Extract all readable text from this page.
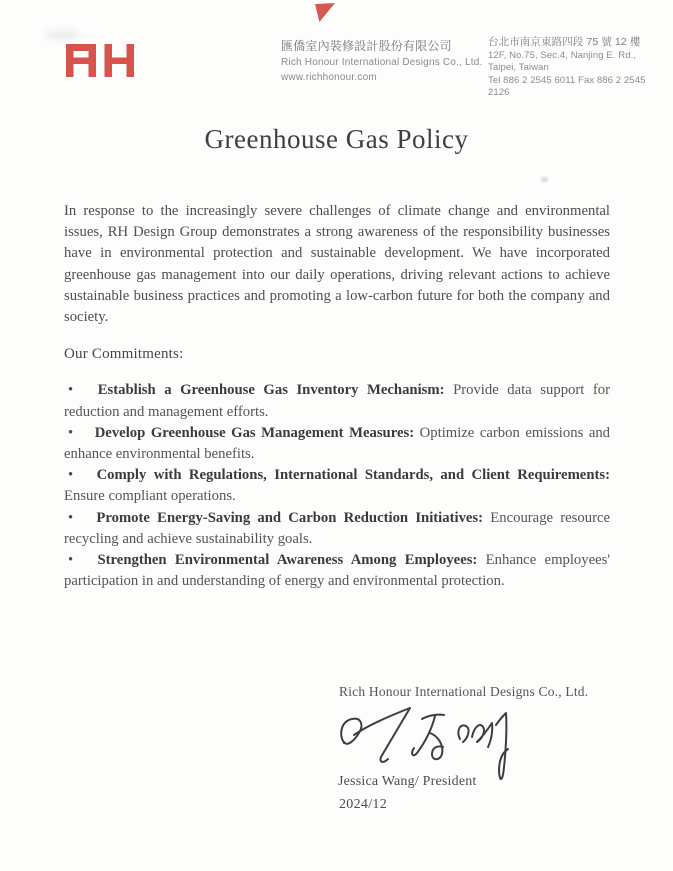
匯僑室內裝修設計股份有限公司
Rich Honour International Designs Co., Ltd.
www.richhonour.com
台北市南京東路四段 75 號 12 樓
12F, No.75, Sec.4, Nanjing E. Rd.,
Taipei, Taiwan
Tel 886 2 2545 6011 Fax 886 2 2545 2126
Greenhouse Gas Policy

In response to the increasingly severe challenges of climate change and environmental issues, RH Design Group demonstrates a strong awareness of the responsibility businesses have in environmental protection and sustainable development. We have incorporated greenhouse gas management into our daily operations, driving relevant actions to achieve sustainable business practices and promoting a low-carbon future for both the company and society.

Our Commitments:

• Establish a Greenhouse Gas Inventory Mechanism: Provide data support for reduction and management efforts.

• Develop Greenhouse Gas Management Measures: Optimize carbon emissions and enhance environmental benefits.

• Comply with Regulations, International Standards, and Client Requirements: Ensure compliant operations.

• Promote Energy-Saving and Carbon Reduction Initiatives: Encourage resource recycling and achieve sustainability goals.

• Strengthen Environmental Awareness Among Employees: Enhance employees' participation in and understanding of energy and environmental protection.

Rich Honour International Designs Co., Ltd.
Jessica Wang/ President
2024/12
